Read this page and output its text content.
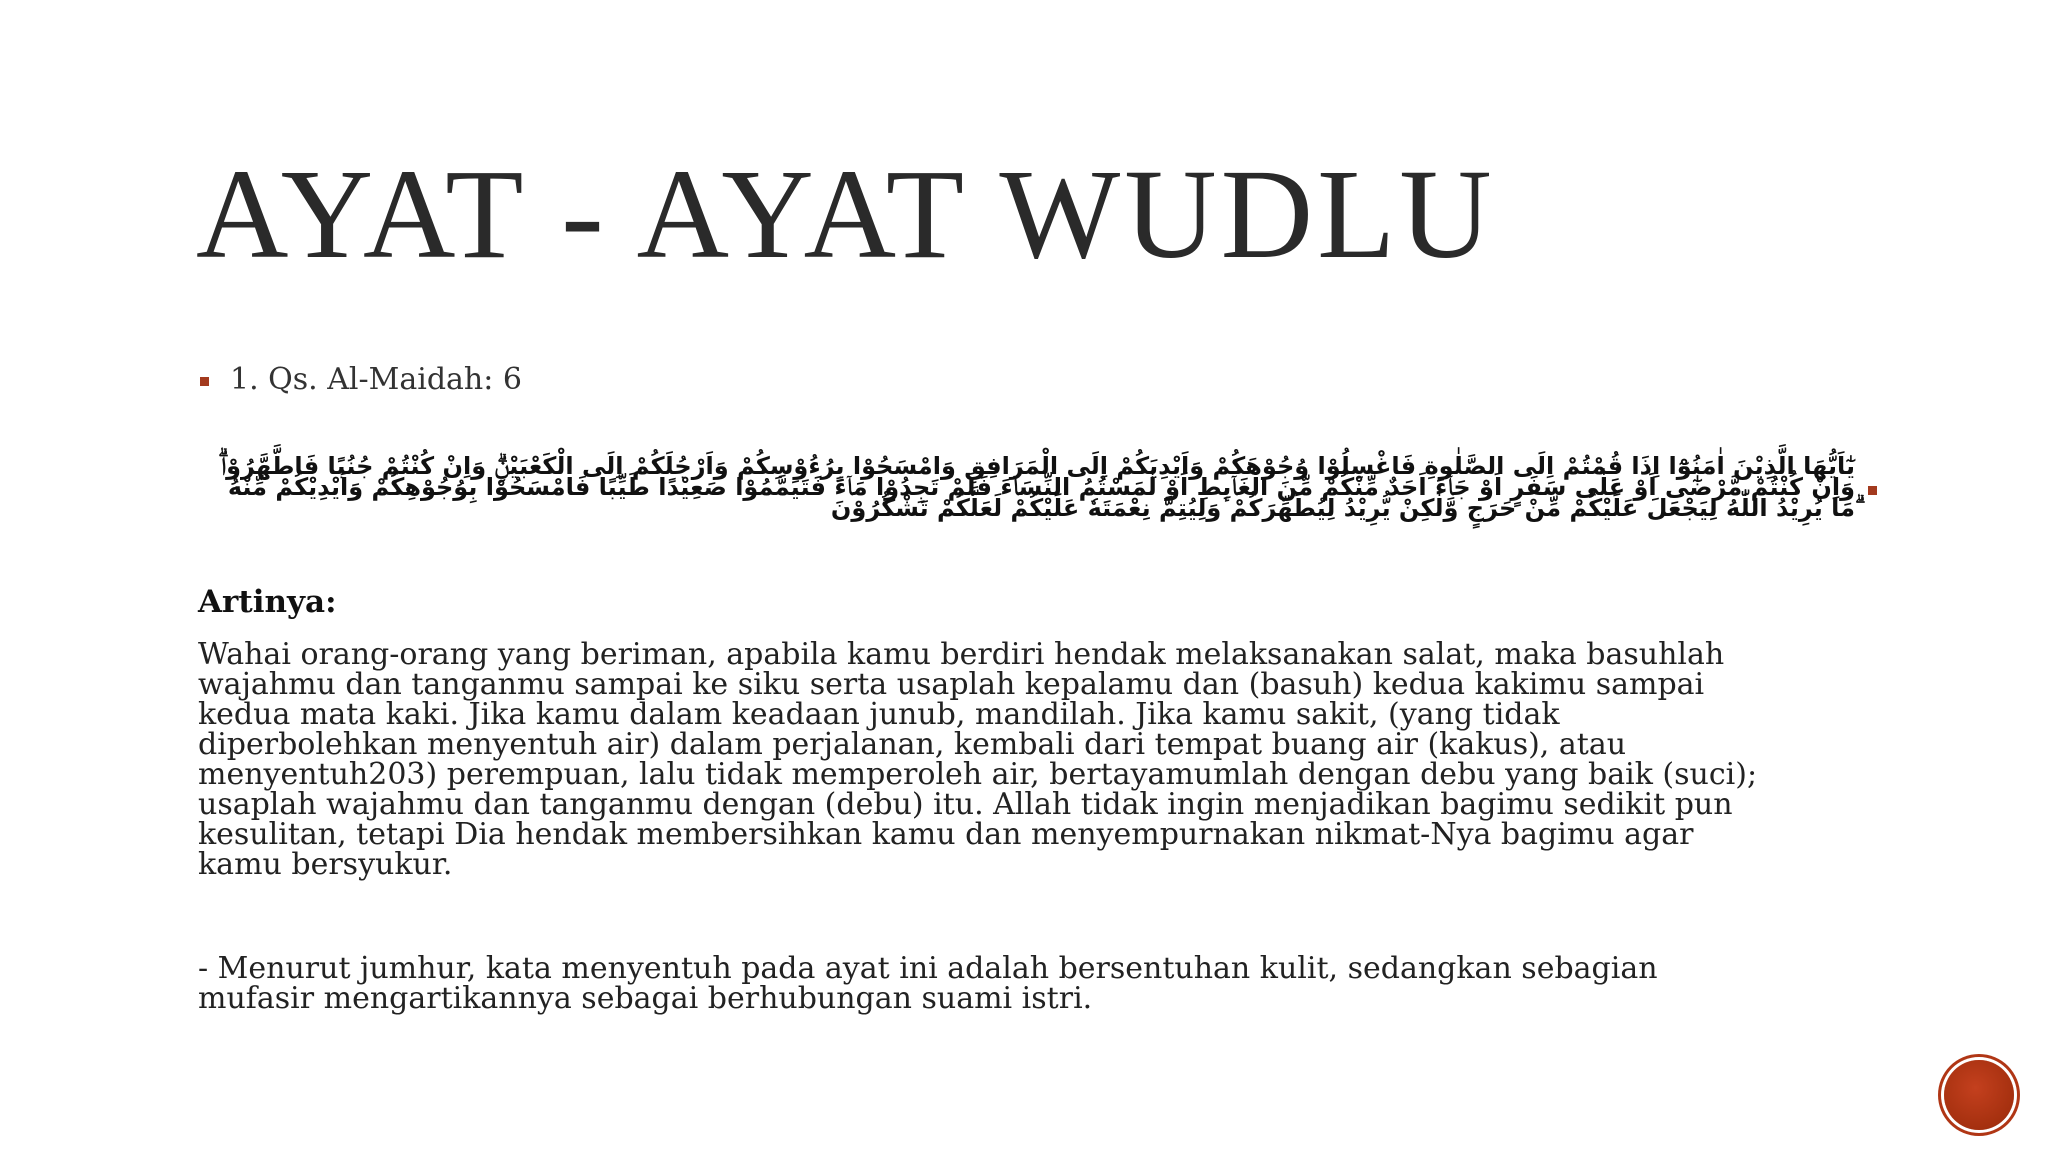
AYAT - AYAT WUDLU
1. Qs. Al-Maidah: 6
يٰٓاَيُّهَا الَّذِيْنَ اٰمَنُوْٓا اِذَا قُمْتُمْ اِلَى الصَّلٰوةِ فَاغْسِلُوْا وُجُوْهَكُمْ وَاَيْدِيَكُمْ اِلَى الْمَرَافِقِ وَامْسَحُوْا بِرُءُوْسِكُمْ وَاَرْجُلَكُمْ اِلَى الْكَعْبَيْنِۗ وَاِنْ كُنْتُمْ جُنُبًا فَاطَّهَّرُوْاۗ وَاِنْ كُنْتُمْ مَّرْضٰٓى اَوْ عَلٰى سَفَرٍ اَوْ جَاۤءَ اَحَدٌ مِّنْكُمْ مِّنَ الْغَاۤىِٕطِ اَوْ لٰمَسْتُمُ النِّسَاۤءَ فَلَمْ تَجِدُوْا مَاۤءً فَتَيَمَّمُوْا صَعِيْدًا طَيِّبًا فَامْسَحُوْا بِوُجُوْهِكُمْ وَاَيْدِيْكُمْ مِّنْهُ ۗمَا يُرِيْدُ اللّٰهُ لِيَجْعَلَ عَلَيْكُمْ مِّنْ حَرَجٍ وَّلٰكِنْ يُّرِيْدُ لِيُطَهِّرَكُمْ وَلِيُتِمَّ نِعْمَتَهٗ عَلَيْكُمْ لَعَلَّكُمْ تَشْكُرُوْنَ
Artinya:
Wahai orang-orang yang beriman, apabila kamu berdiri hendak melaksanakan salat, maka basuhlah
wajahmu dan tanganmu sampai ke siku serta usaplah kepalamu dan (basuh) kedua kakimu sampai
kedua mata kaki. Jika kamu dalam keadaan junub, mandilah. Jika kamu sakit, (yang tidak
diperbolehkan menyentuh air) dalam perjalanan, kembali dari tempat buang air (kakus), atau
menyentuh203) perempuan, lalu tidak memperoleh air, bertayamumlah dengan debu yang baik (suci);
usaplah wajahmu dan tanganmu dengan (debu) itu. Allah tidak ingin menjadikan bagimu sedikit pun
kesulitan, tetapi Dia hendak membersihkan kamu dan menyempurnakan nikmat-Nya bagimu agar
kamu bersyukur.
- Menurut jumhur, kata menyentuh pada ayat ini adalah bersentuhan kulit, sedangkan sebagian
mufasir mengartikannya sebagai berhubungan suami istri.
